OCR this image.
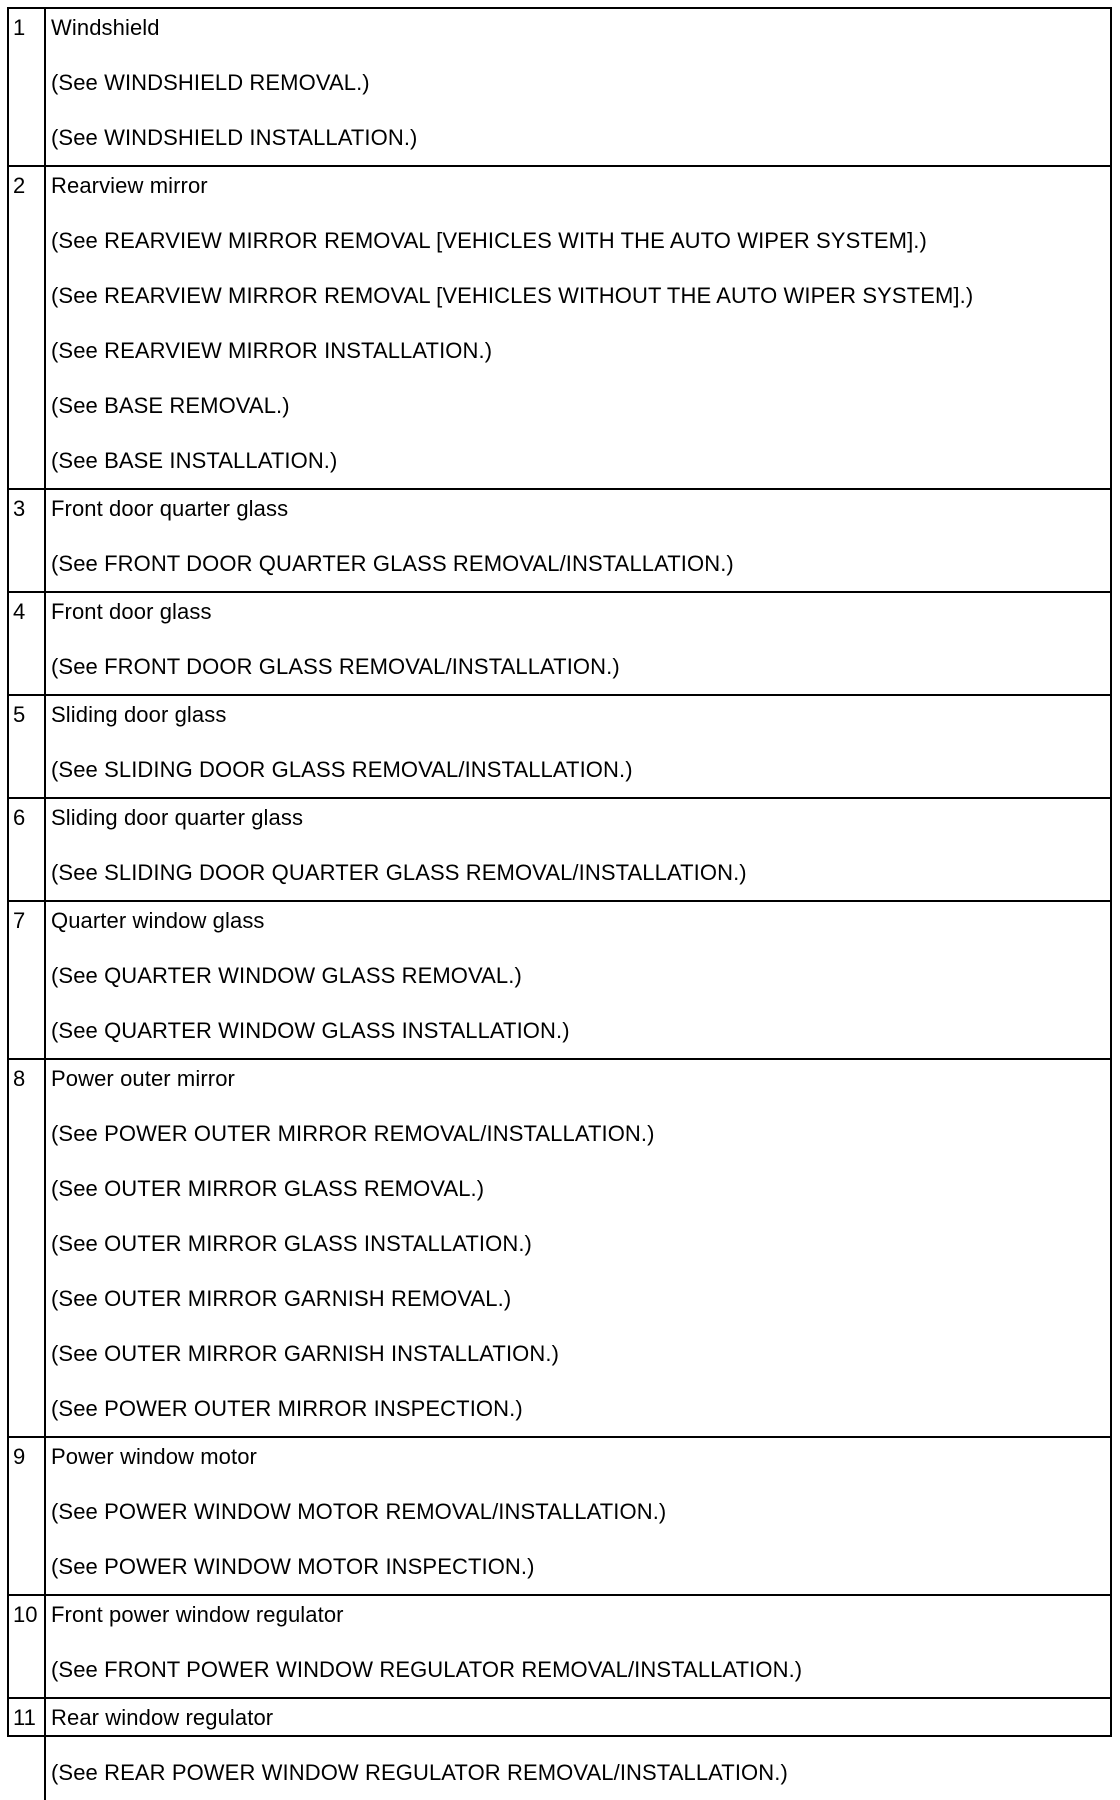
1	Windshield
(See WINDSHIELD REMOVAL.)
(See WINDSHIELD INSTALLATION.)
2	Rearview mirror
(See REARVIEW MIRROR REMOVAL [VEHICLES WITH THE AUTO WIPER SYSTEM].)
(See REARVIEW MIRROR REMOVAL [VEHICLES WITHOUT THE AUTO WIPER SYSTEM].)
(See REARVIEW MIRROR INSTALLATION.)
(See BASE REMOVAL.)
(See BASE INSTALLATION.)
3	Front door quarter glass
(See FRONT DOOR QUARTER GLASS REMOVAL/INSTALLATION.)
4	Front door glass
(See FRONT DOOR GLASS REMOVAL/INSTALLATION.)
5	Sliding door glass
(See SLIDING DOOR GLASS REMOVAL/INSTALLATION.)
6	Sliding door quarter glass
(See SLIDING DOOR QUARTER GLASS REMOVAL/INSTALLATION.)
7	Quarter window glass
(See QUARTER WINDOW GLASS REMOVAL.)
(See QUARTER WINDOW GLASS INSTALLATION.)
8	Power outer mirror
(See POWER OUTER MIRROR REMOVAL/INSTALLATION.)
(See OUTER MIRROR GLASS REMOVAL.)
(See OUTER MIRROR GLASS INSTALLATION.)
(See OUTER MIRROR GARNISH REMOVAL.)
(See OUTER MIRROR GARNISH INSTALLATION.)
(See POWER OUTER MIRROR INSPECTION.)
9	Power window motor
(See POWER WINDOW MOTOR REMOVAL/INSTALLATION.)
(See POWER WINDOW MOTOR INSPECTION.)
10 Front power window regulator
(See FRONT POWER WINDOW REGULATOR REMOVAL/INSTALLATION.)
11 Rear window regulator
(See REAR POWER WINDOW REGULATOR REMOVAL/INSTALLATION.)
